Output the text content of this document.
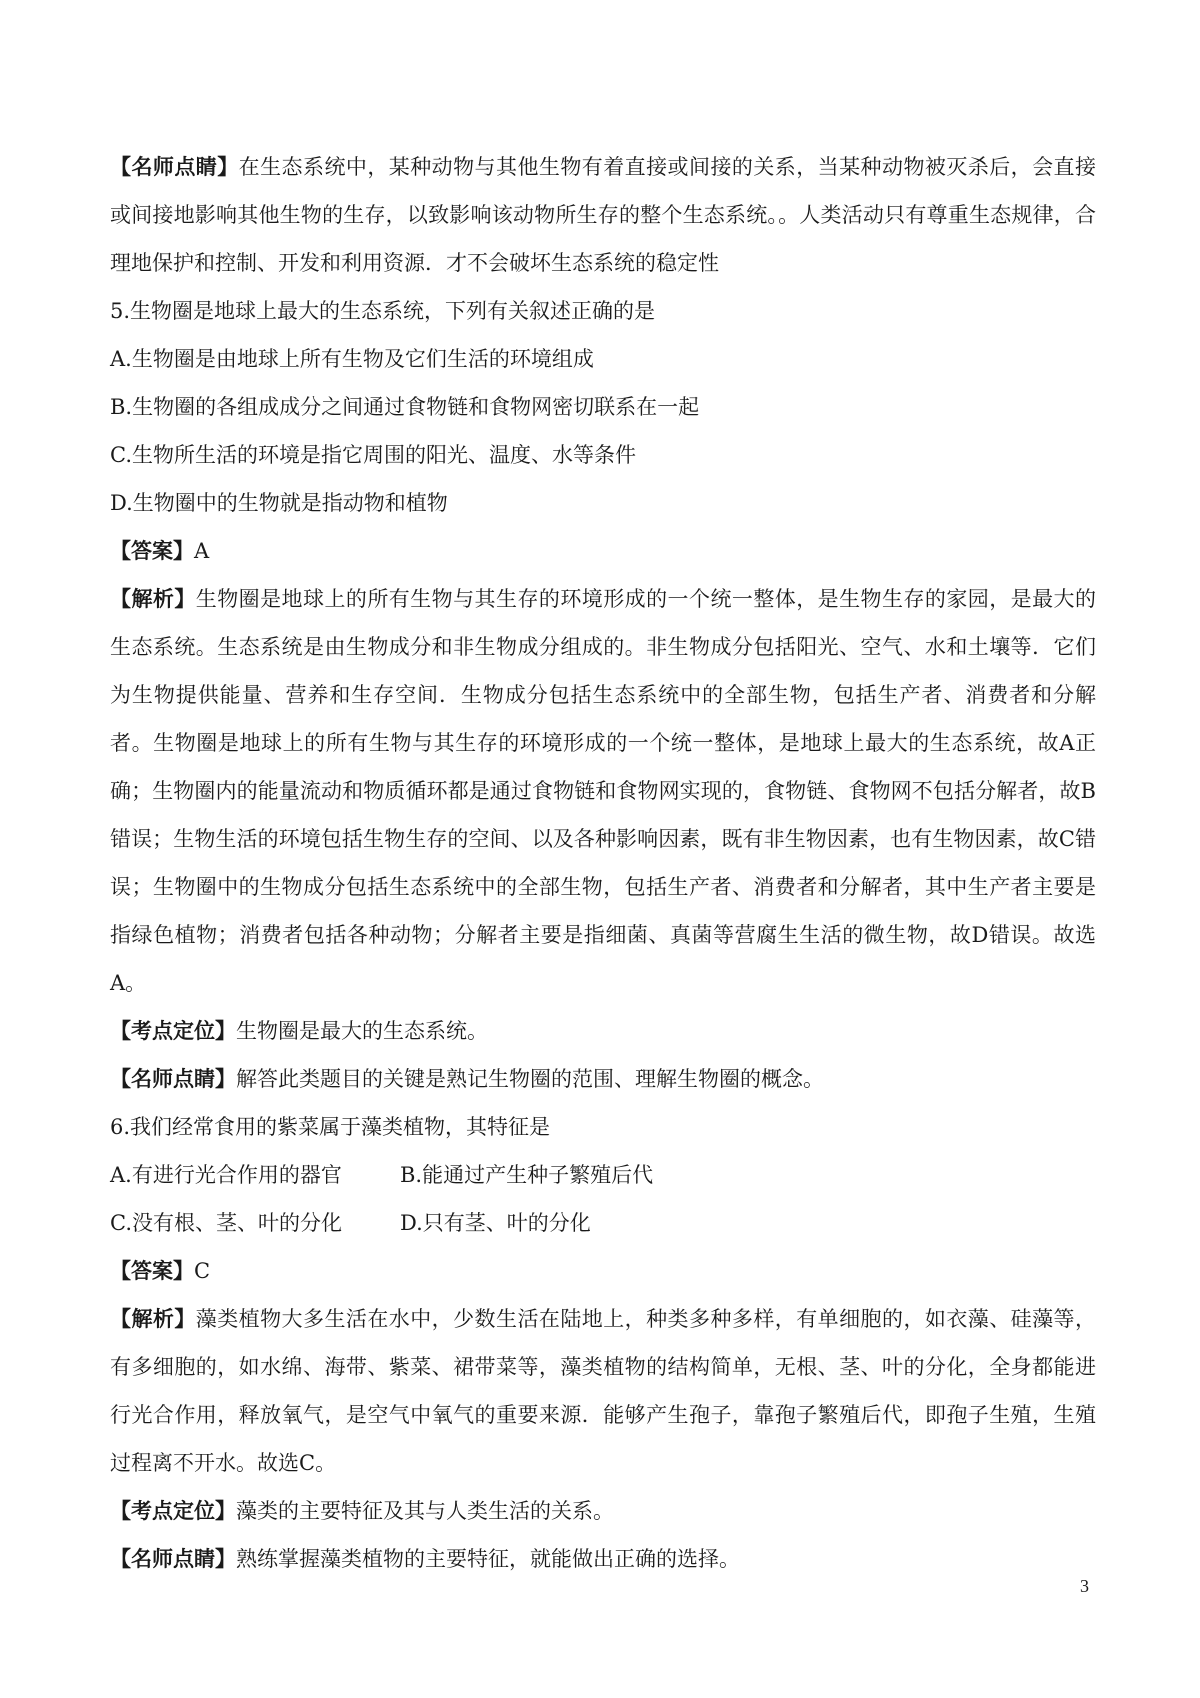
【名师点睛】在生态系统中，某种动物与其他生物有着直接或间接的关系，当某种动物被灭杀后，会直接或间接地影响其他生物的生存，以致影响该动物所生存的整个生态系统。。人类活动只有尊重生态规律，合理地保护和控制、开发和利用资源．才不会破坏生态系统的稳定性

5.生物圈是地球上最大的生态系统，下列有关叙述正确的是

A.生物圈是由地球上所有生物及它们生活的环境组成

B.生物圈的各组成成分之间通过食物链和食物网密切联系在一起

C.生物所生活的环境是指它周围的阳光、温度、水等条件

D.生物圈中的生物就是指动物和植物

【答案】A

【解析】生物圈是地球上的所有生物与其生存的环境形成的一个统一整体，是生物生存的家园，是最大的生态系统。生态系统是由生物成分和非生物成分组成的。非生物成分包括阳光、空气、水和土壤等．它们为生物提供能量、营养和生存空间．生物成分包括生态系统中的全部生物，包括生产者、消费者和分解者。生物圈是地球上的所有生物与其生存的环境形成的一个统一整体，是地球上最大的生态系统，故A正确；生物圈内的能量流动和物质循环都是通过食物链和食物网实现的，食物链、食物网不包括分解者，故B错误；生物生活的环境包括生物生存的空间、以及各种影响因素，既有非生物因素，也有生物因素，故C错误；生物圈中的生物成分包括生态系统中的全部生物，包括生产者、消费者和分解者，其中生产者主要是指绿色植物；消费者包括各种动物；分解者主要是指细菌、真菌等营腐生生活的微生物，故D错误。故选A。

【考点定位】生物圈是最大的生态系统。

【名师点睛】解答此类题目的关键是熟记生物圈的范围、理解生物圈的概念。

6.我们经常食用的紫菜属于藻类植物，其特征是

A.有进行光合作用的器官	B.能通过产生种子繁殖后代
C.没有根、茎、叶的分化	D.只有茎、叶的分化

【答案】C

【解析】藻类植物大多生活在水中，少数生活在陆地上，种类多种多样，有单细胞的，如衣藻、硅藻等，有多细胞的，如水绵、海带、紫菜、裙带菜等，藻类植物的结构简单，无根、茎、叶的分化，全身都能进行光合作用，释放氧气，是空气中氧气的重要来源．能够产生孢子，靠孢子繁殖后代，即孢子生殖，生殖过程离不开水。故选C。

【考点定位】藻类的主要特征及其与人类生活的关系。

【名师点睛】熟练掌握藻类植物的主要特征，就能做出正确的选择。

3
